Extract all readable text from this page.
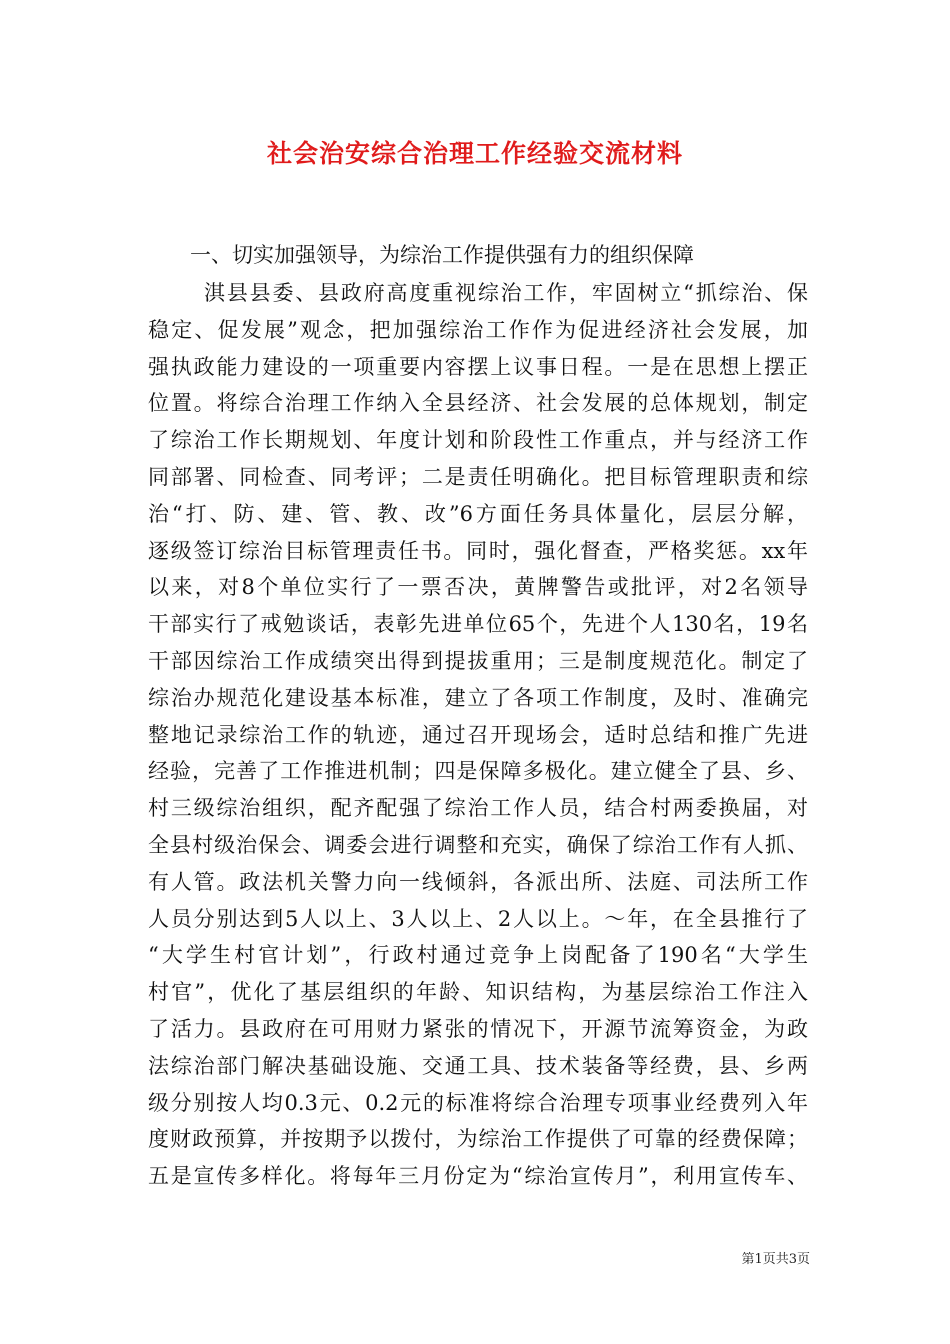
社会治安综合治理工作经验交流材料

一、切实加强领导，为综治工作提供强有力的组织保障

淇县县委、县政府高度重视综治工作，牢固树立“抓综治、保
稳定、促发展”观念，把加强综治工作作为促进经济社会发展，加
强执政能力建设的一项重要内容摆上议事日程。一是在思想上摆正
位置。将综合治理工作纳入全县经济、社会发展的总体规划，制定
了综治工作长期规划、年度计划和阶段性工作重点，并与经济工作
同部署、同检查、同考评；二是责任明确化。把目标管理职责和综
治“打、防、建、管、教、改”6方面任务具体量化，层层分解，
逐级签订综治目标管理责任书。同时，强化督查，严格奖惩。xx年
以来，对8个单位实行了一票否决，黄牌警告或批评，对2名领导
干部实行了戒勉谈话，表彰先进单位65个，先进个人130名，19名
干部因综治工作成绩突出得到提拔重用；三是制度规范化。制定了
综治办规范化建设基本标准，建立了各项工作制度，及时、准确完
整地记录综治工作的轨迹，通过召开现场会，适时总结和推广先进
经验，完善了工作推进机制；四是保障多极化。建立健全了县、乡、
村三级综治组织，配齐配强了综治工作人员，结合村两委换届，对
全县村级治保会、调委会进行调整和充实，确保了综治工作有人抓、
有人管。政法机关警力向一线倾斜，各派出所、法庭、司法所工作
人员分别达到5人以上、3人以上、2人以上。～年，在全县推行了
“大学生村官计划”，行政村通过竞争上岗配备了190名“大学生
村官”，优化了基层组织的年龄、知识结构，为基层综治工作注入
了活力。县政府在可用财力紧张的情况下，开源节流筹资金，为政
法综治部门解决基础设施、交通工具、技术装备等经费，县、乡两
级分别按人均0.3元、0.2元的标准将综合治理专项事业经费列入年
度财政预算，并按期予以拨付，为综治工作提供了可靠的经费保障；
五是宣传多样化。将每年三月份定为“综治宣传月”，利用宣传车、
第1页共3页
